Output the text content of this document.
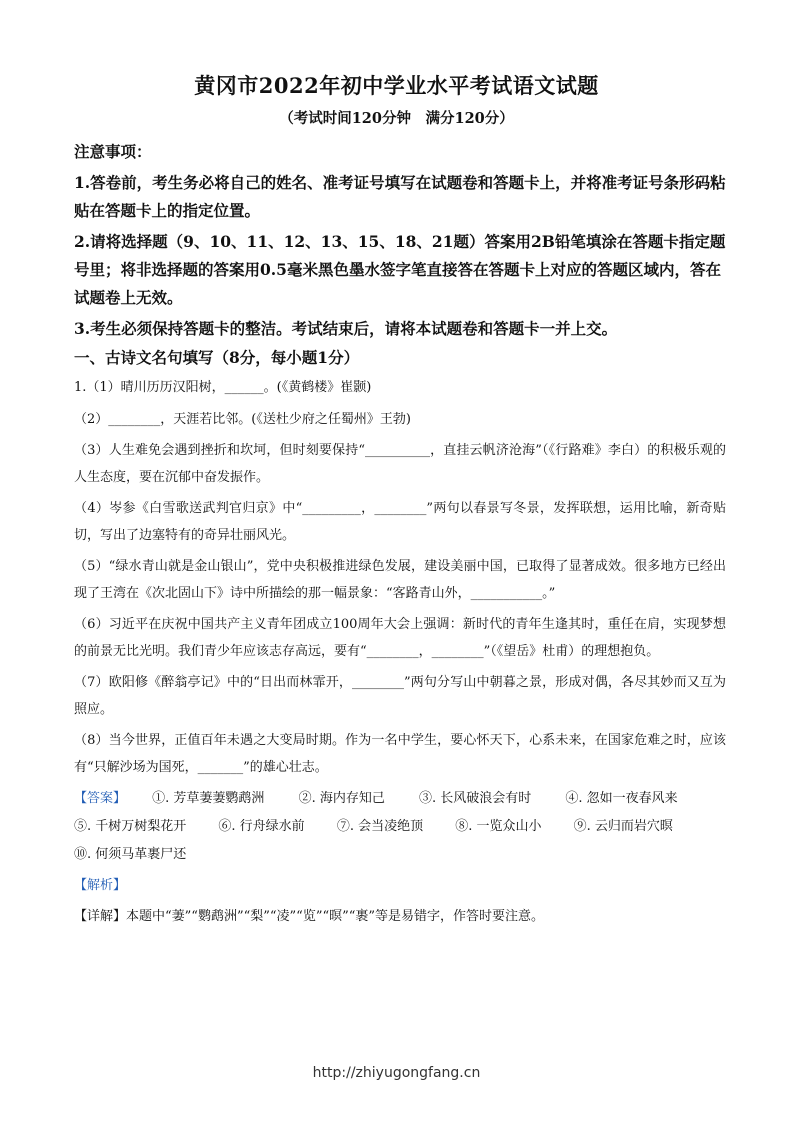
黄冈市2022年初中学业水平考试语文试题
（考试时间120分钟　满分120分）

注意事项：

1.答卷前，考生务必将自己的姓名、准考证号填写在试题卷和答题卡上，并将准考证号条形码粘贴在答题卡上的指定位置。

2.请将选择题（9、10、11、12、13、15、18、21题）答案用2B铅笔填涂在答题卡指定题号里；将非选择题的答案用0.5毫米黑色墨水签字笔直接答在答题卡上对应的答题区域内，答在试题卷上无效。

3.考生必须保持答题卡的整洁。考试结束后，请将本试题卷和答题卡一并上交。

一、古诗文名句填写（8分，每小题1分）

1.（1）晴川历历汉阳树，______。(《黄鹤楼》崔颢)

（2）________，天涯若比邻。(《送杜少府之任蜀州》王勃)

（3）人生难免会遇到挫折和坎坷，但时刻要保持“__________，直挂云帆济沧海”（《行路难》李白）的积极乐观的人生态度，要在沉郁中奋发振作。

（4）岑参《白雪歌送武判官归京》中“_________，________”两句以春景写冬景，发挥联想，运用比喻，新奇贴切，写出了边塞特有的奇异壮丽风光。

（5）“绿水青山就是金山银山”，党中央积极推进绿色发展，建设美丽中国，已取得了显著成效。很多地方已经出现了王湾在《次北固山下》诗中所描绘的那一幅景象：“客路青山外，___________。”

（6）习近平在庆祝中国共产主义青年团成立100周年大会上强调：新时代的青年生逢其时，重任在肩，实现梦想的前景无比光明。我们青少年应该志存高远，要有“________，________”（《望岳》杜甫）的理想抱负。

（7）欧阳修《醉翁亭记》中的“日出而林霏开，________”两句分写山中朝暮之景，形成对偶，各尽其妙而又互为照应。

（8）当今世界，正值百年未遇之大变局时期。作为一名中学生，要心怀天下，心系未来，在国家危难之时，应该有“只解沙场为国死，_______”的雄心壮志。

【答案】 ①. 芳草萋萋鹦鹉洲	②. 海内存知己	③. 长风破浪会有时	④. 忽如一夜春风来

⑤. 千树万树梨花开 ⑥. 行舟绿水前 ⑦. 会当凌绝顶 ⑧. 一览众山小 ⑨. 云归而岩穴暝

⑩. 何须马革裹尸还

【解析】

【详解】本题中“萋”“鹦鹉洲”“梨”“凌”“览”“暝”“裹”等是易错字，作答时要注意。

http://zhiyugongfang.cn
